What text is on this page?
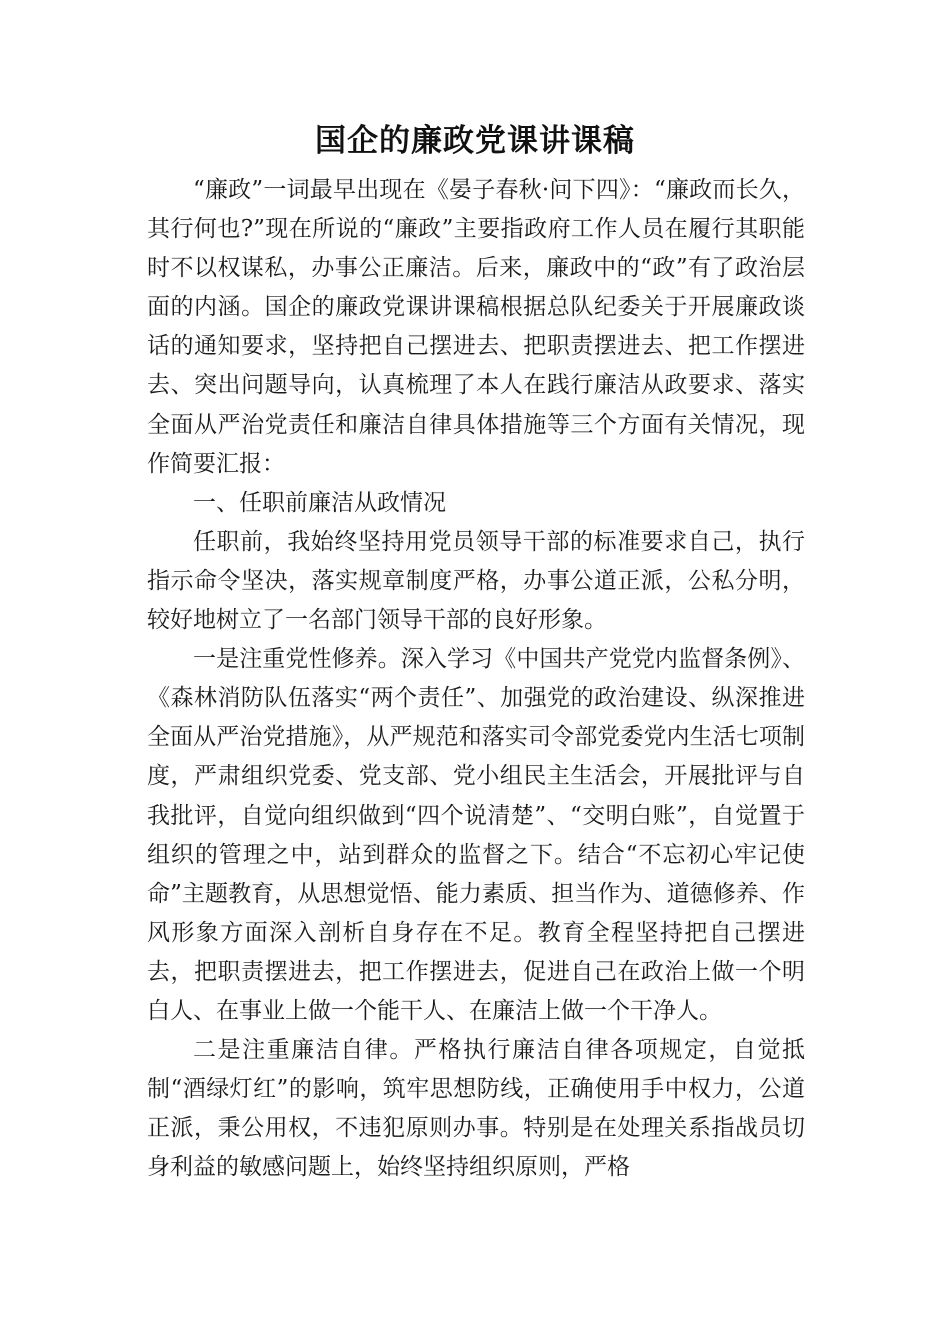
国企的廉政党课讲课稿

“廉政”一词最早出现在《晏子春秋·问下四》：“廉政而长久，其行何也?”现在所说的“廉政”主要指政府工作人员在履行其职能时不以权谋私，办事公正廉洁。后来，廉政中的“政”有了政治层面的内涵。国企的廉政党课讲课稿根据总队纪委关于开展廉政谈话的通知要求，坚持把自己摆进去、把职责摆进去、把工作摆进去、突出问题导向，认真梳理了本人在践行廉洁从政要求、落实全面从严治党责任和廉洁自律具体措施等三个方面有关情况，现作简要汇报：

一、任职前廉洁从政情况

任职前，我始终坚持用党员领导干部的标准要求自己，执行指示命令坚决，落实规章制度严格，办事公道正派，公私分明，较好地树立了一名部门领导干部的良好形象。

一是注重党性修养。深入学习《中国共产党党内监督条例》、《森林消防队伍落实“两个责任”、加强党的政治建设、纵深推进全面从严治党措施》，从严规范和落实司令部党委党内生活七项制度，严肃组织党委、党支部、党小组民主生活会，开展批评与自我批评，自觉向组织做到“四个说清楚”、“交明白账”，自觉置于组织的管理之中，站到群众的监督之下。结合“不忘初心牢记使命”主题教育，从思想觉悟、能力素质、担当作为、道德修养、作风形象方面深入剖析自身存在不足。教育全程坚持把自己摆进去，把职责摆进去，把工作摆进去，促进自己在政治上做一个明白人、在事业上做一个能干人、在廉洁上做一个干净人。

二是注重廉洁自律。严格执行廉洁自律各项规定，自觉抵制“酒绿灯红”的影响，筑牢思想防线，正确使用手中权力，公道正派，秉公用权，不违犯原则办事。特别是在处理关系指战员切身利益的敏感问题上，始终坚持组织原则，严格
